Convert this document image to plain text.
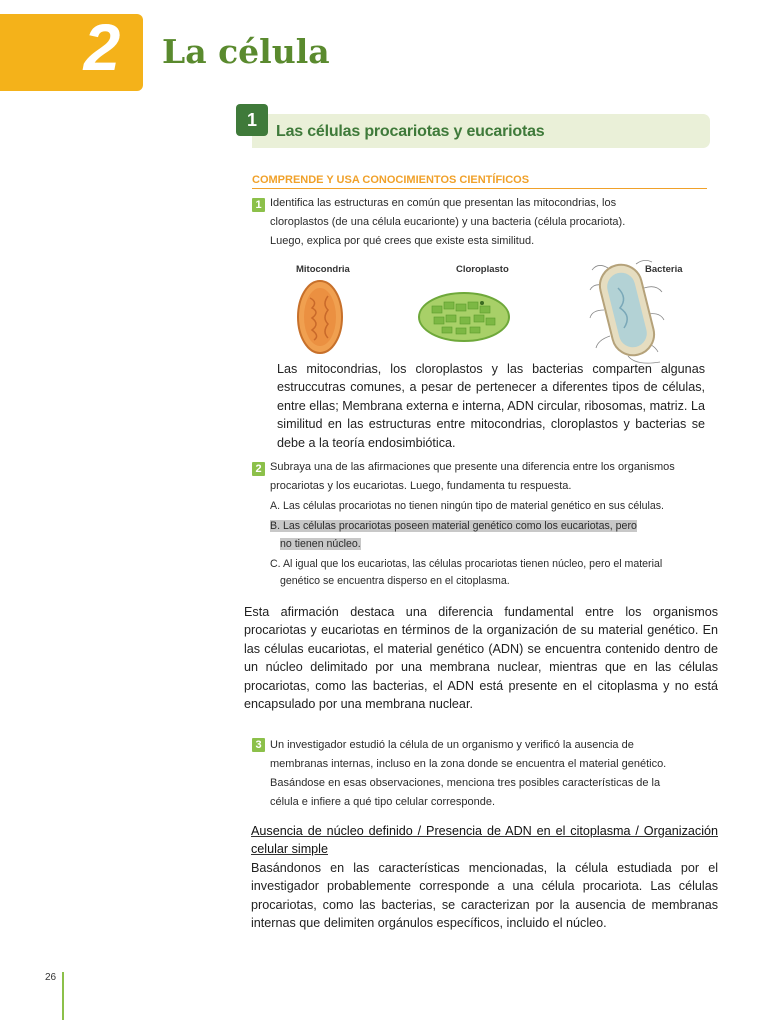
2	La célula
1
Las células procariotas y eucariotas
COMPRENDE Y USA CONOCIMIENTOS CIENTÍFICOS
1 Identifica las estructuras en común que presentan las mitocondrias, los
cloroplastos (de una célula eucarionte) y una bacteria (célula procariota).
Luego, explica por qué crees que existe esta similitud.
Mitocondria	Cloroplasto	Bacteria
Las mitocondrias, los cloroplastos y las bacterias comparten algunas estruccutras comunes, a pesar de pertenecer a diferentes tipos de células, entre ellas; Membrana externa e interna, ADN circular, ribosomas, matriz. La similitud en las estructuras entre mitocondrias, cloroplastos y bacterias se debe a la teoría endosimbiótica.
2 Subraya una de las afirmaciones que presente una diferencia entre los organismos
procariotas y los eucariotas. Luego, fundamenta tu respuesta.
A. Las células procariotas no tienen ningún tipo de material genético en sus células.
B. Las células procariotas poseen material genético como los eucariotas, pero
no tienen núcleo.
C. Al igual que los eucariotas, las células procariotas tienen núcleo, pero el material
genético se encuentra disperso en el citoplasma.
Esta afirmación destaca una diferencia fundamental entre los organismos procariotas y eucariotas en términos de la organización de su material genético. En las células eucariotas, el material genético (ADN) se encuentra contenido dentro de un núcleo delimitado por una membrana nuclear, mientras que en las células procariotas, como las bacterias, el ADN está presente en el citoplasma y no está encapsulado por una membrana nuclear.
3 Un investigador estudió la célula de un organismo y verificó la ausencia de
membranas internas, incluso en la zona donde se encuentra el material genético.
Basándose en esas observaciones, menciona tres posibles características de la
célula e infiere a qué tipo celular corresponde.
Ausencia de núcleo definido / Presencia de ADN en el citoplasma / Organización celular simple
Basándonos en las características mencionadas, la célula estudiada por el investigador probablemente corresponde a una célula procariota. Las células procariotas, como las bacterias, se caracterizan por la ausencia de membranas internas que delimiten orgánulos específicos, incluido el núcleo.
26
